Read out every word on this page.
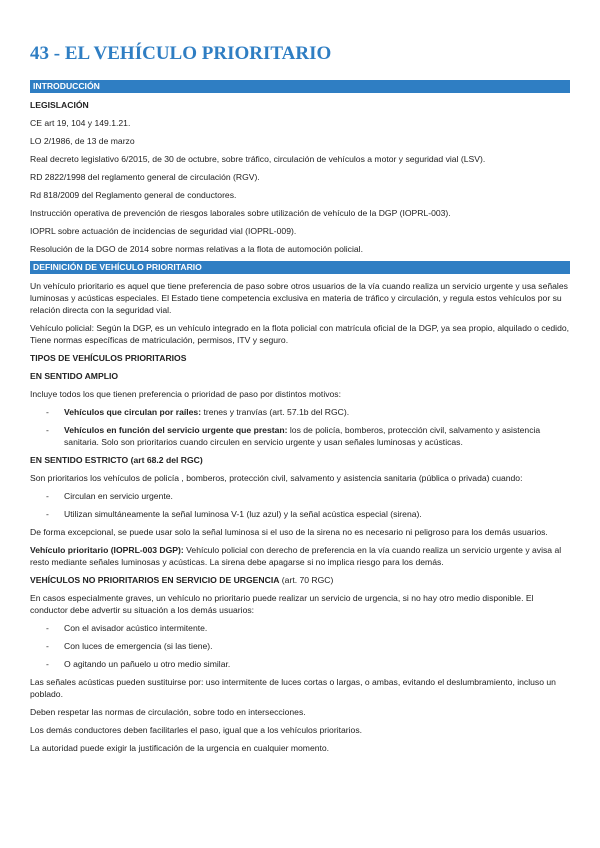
43 - EL VEHÍCULO PRIORITARIO
INTRODUCCIÓN
LEGISLACIÓN

CE art 19, 104 y 149.1.21.

LO 2/1986, de 13 de marzo

Real decreto legislativo 6/2015, de 30 de octubre, sobre tráfico, circulación de vehículos a motor y seguridad vial (LSV).

RD 2822/1998 del reglamento general de circulación (RGV).

Rd 818/2009 del Reglamento general de conductores.

Instrucción operativa de prevención de riesgos laborales sobre utilización de vehículo de la DGP (IOPRL-003).

IOPRL sobre actuación de incidencias de seguridad vial (IOPRL-009).

Resolución de la DGO de 2014 sobre normas relativas a la flota de automoción policial.

DEFINICIÓN DE VEHÍCULO PRIORITARIO

Un vehículo prioritario es aquel que tiene preferencia de paso sobre otros usuarios de la vía cuando realiza un servicio urgente y usa señales luminosas y acústicas especiales. El Estado tiene competencia exclusiva en materia de tráfico y circulación, y regula estos vehículos por su relación directa con la seguridad vial.

Vehículo policial: Según la DGP, es un vehículo integrado en la flota policial con matrícula oficial de la DGP, ya sea propio, alquilado o cedido, Tiene normas específicas de matriculación, permisos, ITV y seguro.

TIPOS DE VEHÍCULOS PRIORITARIOS
EN SENTIDO AMPLIO

Incluye todos los que tienen preferencia o prioridad de paso por distintos motivos:

- Vehículos que circulan por raíles: trenes y tranvías (art. 57.1b del RGC).
- Vehículos en función del servicio urgente que prestan: los de policía, bomberos, protección civil, salvamento y asistencia sanitaria. Solo son prioritarios cuando circulen en servicio urgente y usan señales luminosas y acústicas.
EN SENTIDO ESTRICTO (art 68.2 del RGC)

Son prioritarios los vehículos de policía , bomberos, protección civil, salvamento y asistencia sanitaria (pública o privada) cuando:

- Circulan en servicio urgente.
- Utilizan simultáneamente la señal luminosa V-1 (luz azul) y la señal acústica especial (sirena).

De forma excepcional, se puede usar solo la señal luminosa si el uso de la sirena no es necesario ni peligroso para los demás usuarios.

Vehículo prioritario (IOPRL-003 DGP): Vehículo policial con derecho de preferencia en la vía cuando realiza un servicio urgente y avisa al resto mediante señales luminosas y acústicas. La sirena debe apagarse si no implica riesgo para los demás.

VEHÍCULOS NO PRIORITARIOS EN SERVICIO DE URGENCIA (art. 70 RGC)

En casos especialmente graves, un vehículo no prioritario puede realizar un servicio de urgencia, si no hay otro medio disponible. El conductor debe advertir su situación a los demás usuarios:

- Con el avisador acústico intermitente.
- Con luces de emergencia (si las tiene).
- O agitando un pañuelo u otro medio similar.

Las señales acústicas pueden sustituirse por: uso intermitente de luces cortas o largas, o ambas, evitando el deslumbramiento, incluso un poblado.

Deben respetar las normas de circulación, sobre todo en intersecciones.

Los demás conductores deben facilitarles el paso, igual que a los vehículos prioritarios.

La autoridad puede exigir la justificación de la urgencia en cualquier momento.
